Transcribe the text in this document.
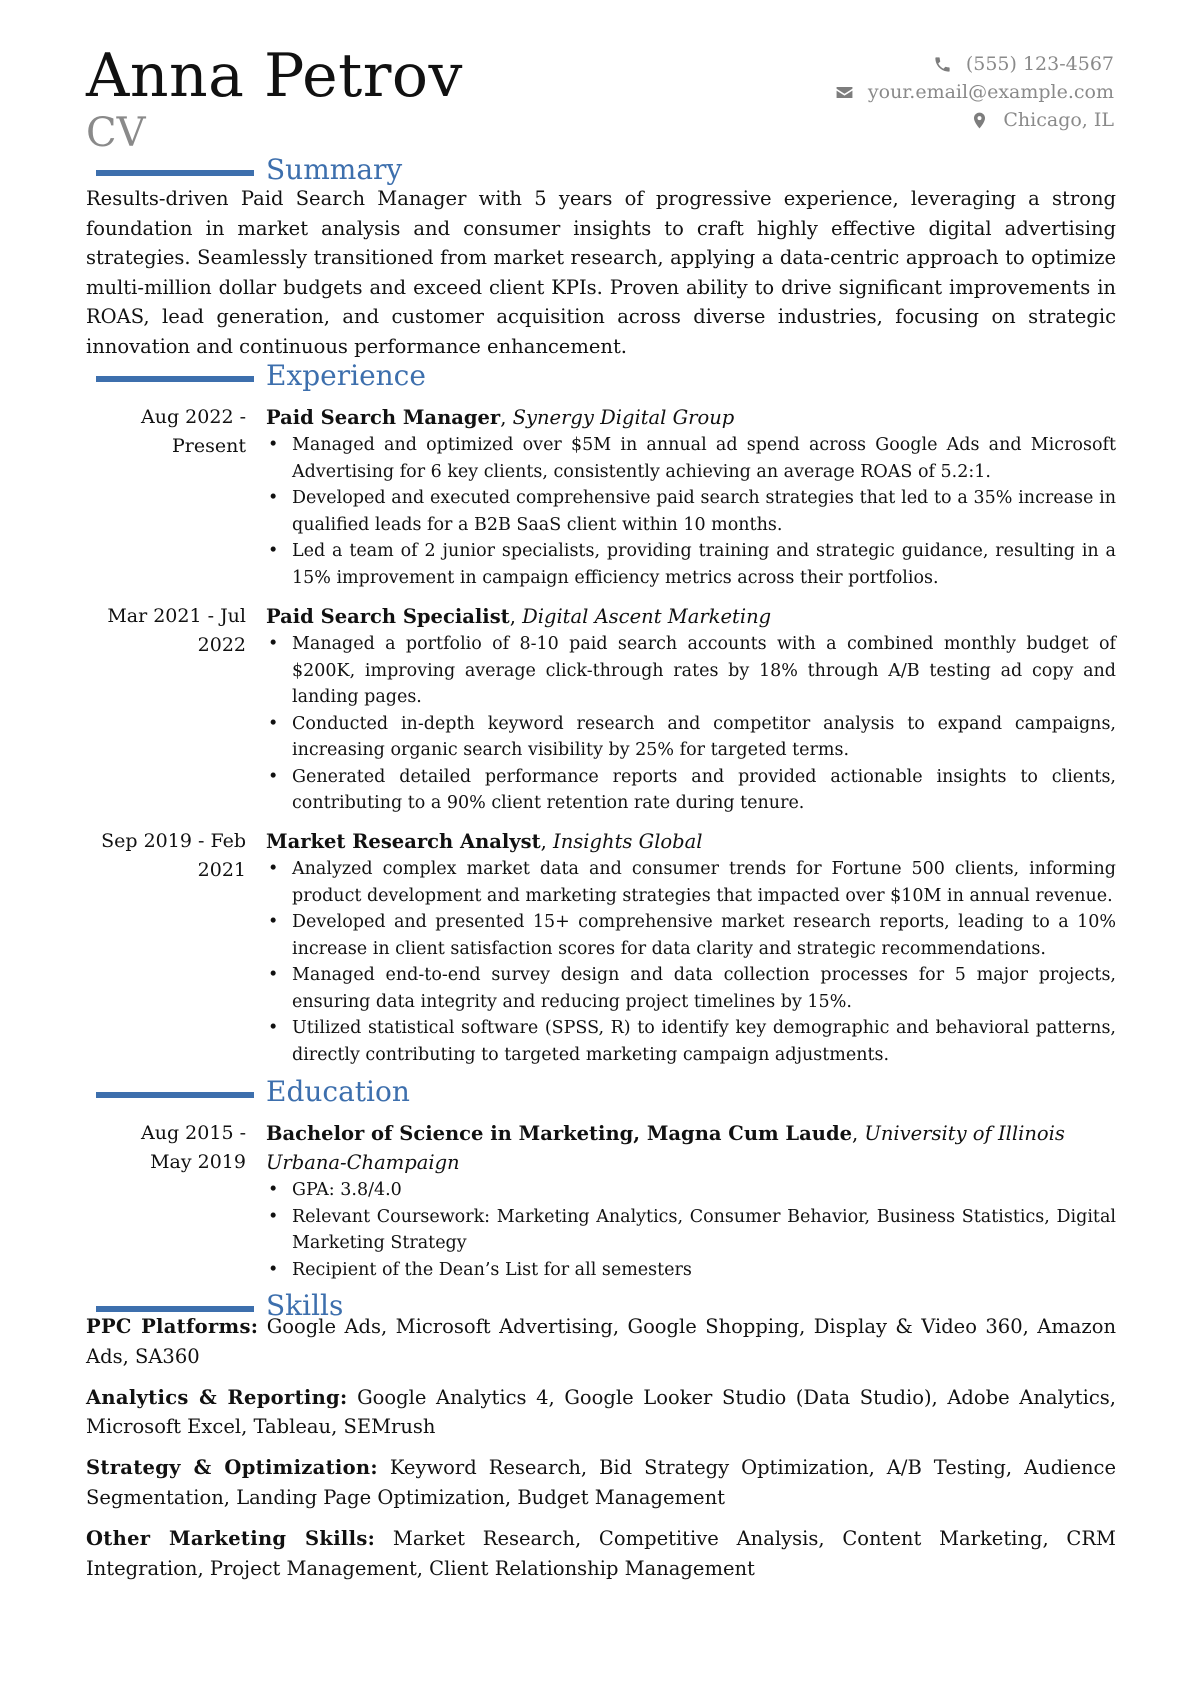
Anna Petrov
CV
(555) 123-4567
your.email@example.com
Chicago, IL
Summary

Results-driven Paid Search Manager with 5 years of progressive experience, leveraging a strong foundation in market analysis and consumer insights to craft highly effective digital advertising strategies. Seamlessly transitioned from market research, applying a data-centric approach to optimize multi-million dollar budgets and exceed client KPIs. Proven ability to drive significant improvements in ROAS, lead generation, and customer acquisition across diverse industries, focusing on strategic innovation and continuous performance enhancement.

Experience
Aug 2022 -
Present
Paid Search Manager, Synergy Digital Group
• Managed and optimized over $5M in annual ad spend across Google Ads and Microsoft Advertising for 6 key clients, consistently achieving an average ROAS of 5.2:1.
• Developed and executed comprehensive paid search strategies that led to a 35% increase in qualified leads for a B2B SaaS client within 10 months.
• Led a team of 2 junior specialists, providing training and strategic guidance, resulting in a 15% improvement in campaign efficiency metrics across their portfolios.
Mar 2021 - Jul
2022
Paid Search Specialist, Digital Ascent Marketing
• Managed a portfolio of 8-10 paid search accounts with a combined monthly budget of $200K, improving average click-through rates by 18% through A/B testing ad copy and landing pages.
• Conducted in-depth keyword research and competitor analysis to expand campaigns, increasing organic search visibility by 25% for targeted terms.
• Generated detailed performance reports and provided actionable insights to clients, contributing to a 90% client retention rate during tenure.
Sep 2019 - Feb
2021
Market Research Analyst, Insights Global
• Analyzed complex market data and consumer trends for Fortune 500 clients, informing product development and marketing strategies that impacted over $10M in annual revenue.
• Developed and presented 15+ comprehensive market research reports, leading to a 10% increase in client satisfaction scores for data clarity and strategic recommendations.
• Managed end-to-end survey design and data collection processes for 5 major projects, ensuring data integrity and reducing project timelines by 15%.
• Utilized statistical software (SPSS, R) to identify key demographic and behavioral patterns, directly contributing to targeted marketing campaign adjustments.
Education
Aug 2015 -
May 2019
Bachelor of Science in Marketing, Magna Cum Laude, University of Illinois Urbana-Champaign
• GPA: 3.8/4.0
• Relevant Coursework: Marketing Analytics, Consumer Behavior, Business Statistics, Digital Marketing Strategy
• Recipient of the Dean’s List for all semesters
Skills

PPC Platforms: Google Ads, Microsoft Advertising, Google Shopping, Display & Video 360, Amazon Ads, SA360

Analytics & Reporting: Google Analytics 4, Google Looker Studio (Data Studio), Adobe Analytics, Microsoft Excel, Tableau, SEMrush

Strategy & Optimization: Keyword Research, Bid Strategy Optimization, A/B Testing, Audience Segmentation, Landing Page Optimization, Budget Management

Other Marketing Skills: Market Research, Competitive Analysis, Content Marketing, CRM Integration, Project Management, Client Relationship Management
